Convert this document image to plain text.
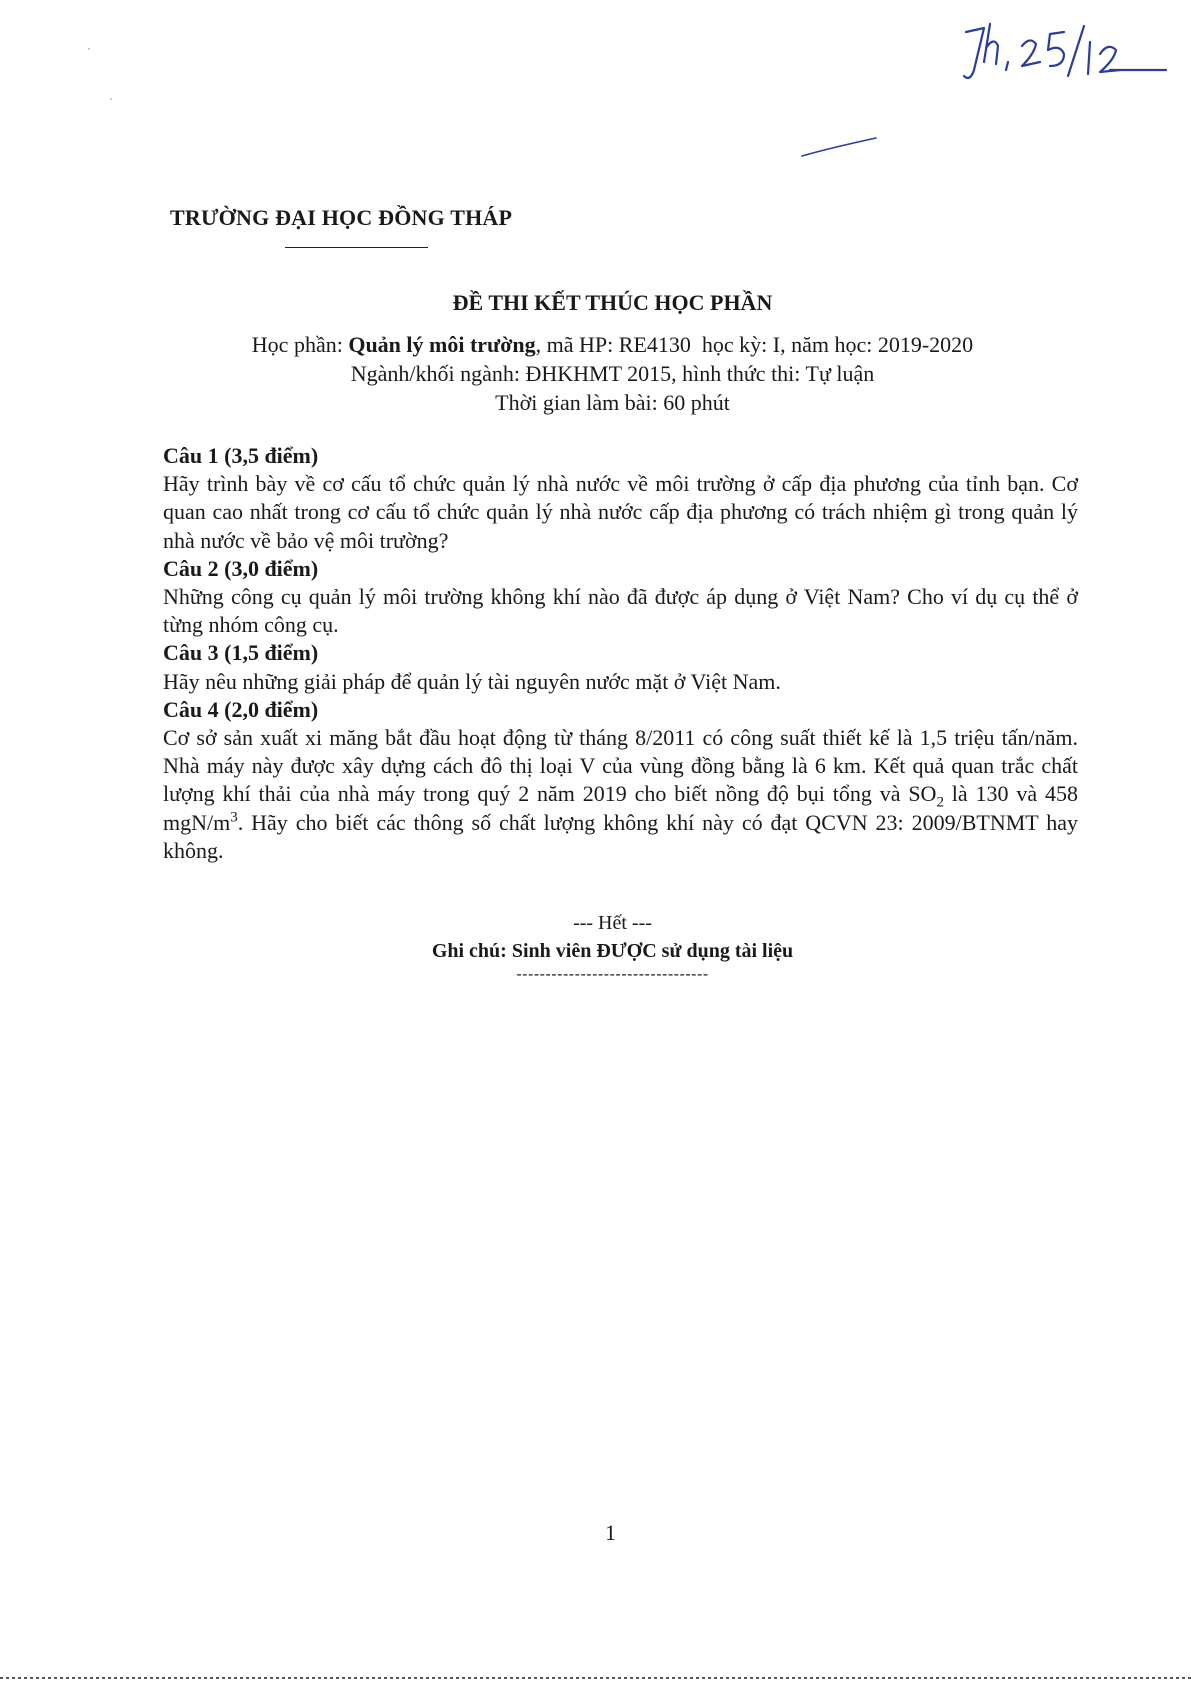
TRƯỜNG ĐẠI HỌC ĐỒNG THÁP
ĐỀ THI KẾT THÚC HỌC PHẦN
Học phần: Quản lý môi trường, mã HP: RE4130  học kỳ: I, năm học: 2019-2020
Ngành/khối ngành: ĐHKHMT 2015, hình thức thi: Tự luận
Thời gian làm bài: 60 phút

Câu 1 (3,5 điểm)

Hãy trình bày về cơ cấu tổ chức quản lý nhà nước về môi trường ở cấp địa phương của tỉnh bạn. Cơ quan cao nhất trong cơ cấu tổ chức quản lý nhà nước cấp địa phương có trách nhiệm gì trong quản lý nhà nước về bảo vệ môi trường?

Câu 2 (3,0 điểm)

Những công cụ quản lý môi trường không khí nào đã được áp dụng ở Việt Nam? Cho ví dụ cụ thể ở từng nhóm công cụ.

Câu 3 (1,5 điểm)

Hãy nêu những giải pháp để quản lý tài nguyên nước mặt ở Việt Nam.

Câu 4 (2,0 điểm)

Cơ sở sản xuất xi măng bắt đầu hoạt động từ tháng 8/2011 có công suất thiết kế là 1,5 triệu tấn/năm. Nhà máy này được xây dựng cách đô thị loại V của vùng đồng bằng là 6 km. Kết quả quan trắc chất lượng khí thải của nhà máy trong quý 2 năm 2019 cho biết nồng độ bụi tổng và $SO_2$ là 130 và 458 mgN/$m^3$. Hãy cho biết các thông số chất lượng không khí này có đạt QCVN 23: 2009/BTNMT hay không.

--- Hết ---
Ghi chú: Sinh viên ĐƯỢC sử dụng tài liệu
---------------------------------
1
